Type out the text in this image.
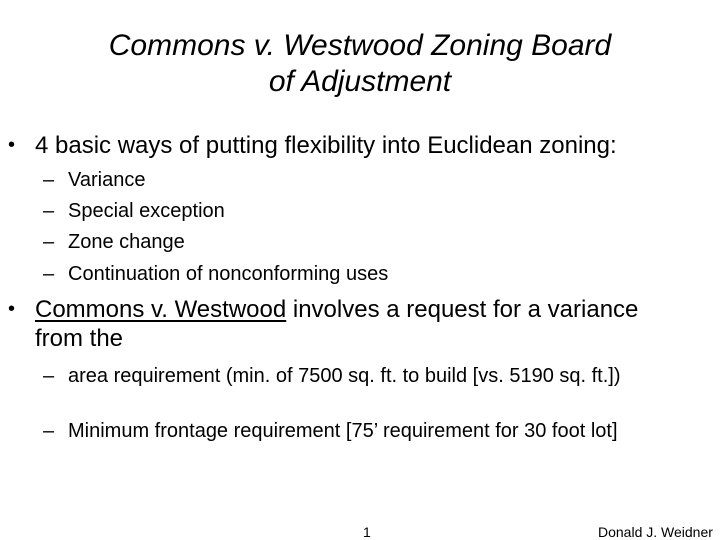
Commons v. Westwood Zoning Board
of Adjustment
• 4 basic ways of putting flexibility into Euclidean zoning:
– Variance
– Special exception
– Zone change
– Continuation of nonconforming uses
• Commons v. Westwood involves a request for a variance from the
– area requirement (min. of 7500 sq. ft. to build [vs. 5190 sq. ft.])
– Minimum frontage requirement [75’ requirement for 30 foot lot]
1	Donald J. Weidner
